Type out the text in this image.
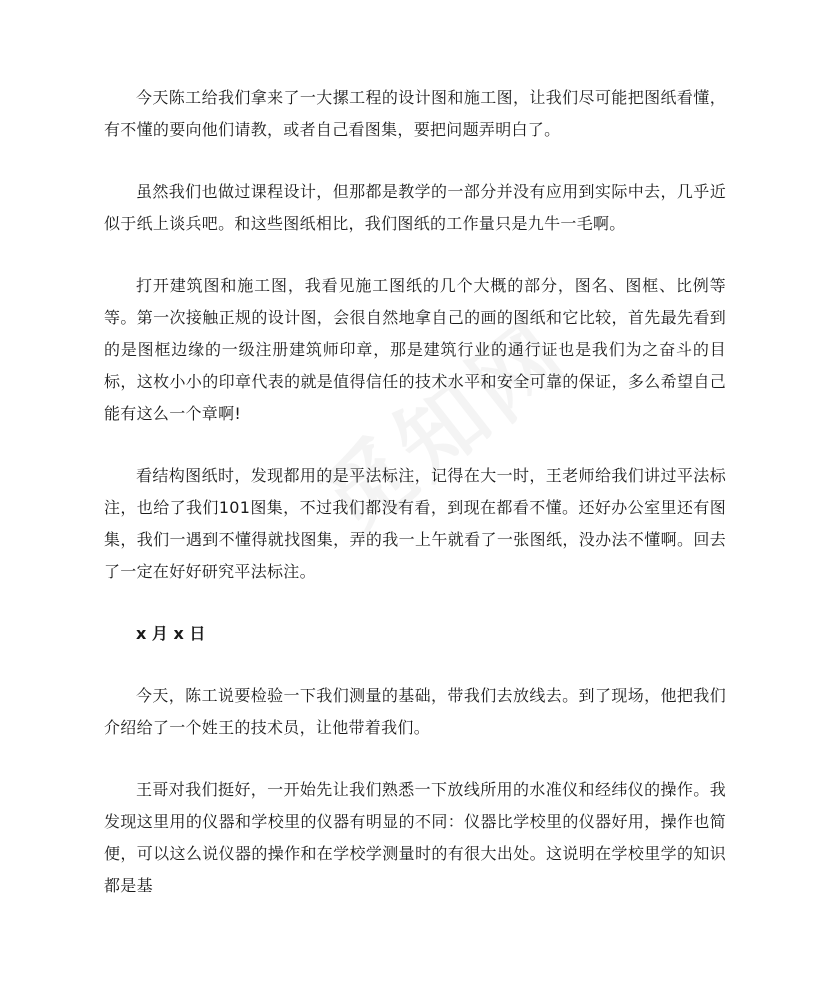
今天陈工给我们拿来了一大摞工程的设计图和施工图，让我们尽可能把图纸看懂，有不懂的要向他们请教，或者自己看图集，要把问题弄明白了。

虽然我们也做过课程设计，但那都是教学的一部分并没有应用到实际中去，几乎近似于纸上谈兵吧。和这些图纸相比，我们图纸的工作量只是九牛一毛啊。

打开建筑图和施工图，我看见施工图纸的几个大概的部分，图名、图框、比例等等。第一次接触正规的设计图，会很自然地拿自己的画的图纸和它比较，首先最先看到的是图框边缘的一级注册建筑师印章，那是建筑行业的通行证也是我们为之奋斗的目标，这枚小小的印章代表的就是值得信任的技术水平和安全可靠的保证，多么希望自己能有这么一个章啊!

看结构图纸时，发现都用的是平法标注，记得在大一时，王老师给我们讲过平法标注，也给了我们101图集，不过我们都没有看，到现在都看不懂。还好办公室里还有图集，我们一遇到不懂得就找图集，弄的我一上午就看了一张图纸，没办法不懂啊。回去了一定在好好研究平法标注。

x 月 x 日

今天，陈工说要检验一下我们测量的基础，带我们去放线去。到了现场，他把我们介绍给了一个姓王的技术员，让他带着我们。

王哥对我们挺好，一开始先让我们熟悉一下放线所用的水准仪和经纬仪的操作。我发现这里用的仪器和学校里的仪器有明显的不同：仪器比学校里的仪器好用，操作也简便，可以这么说仪器的操作和在学校学测量时的有很大出处。这说明在学校里学的知识都是基
